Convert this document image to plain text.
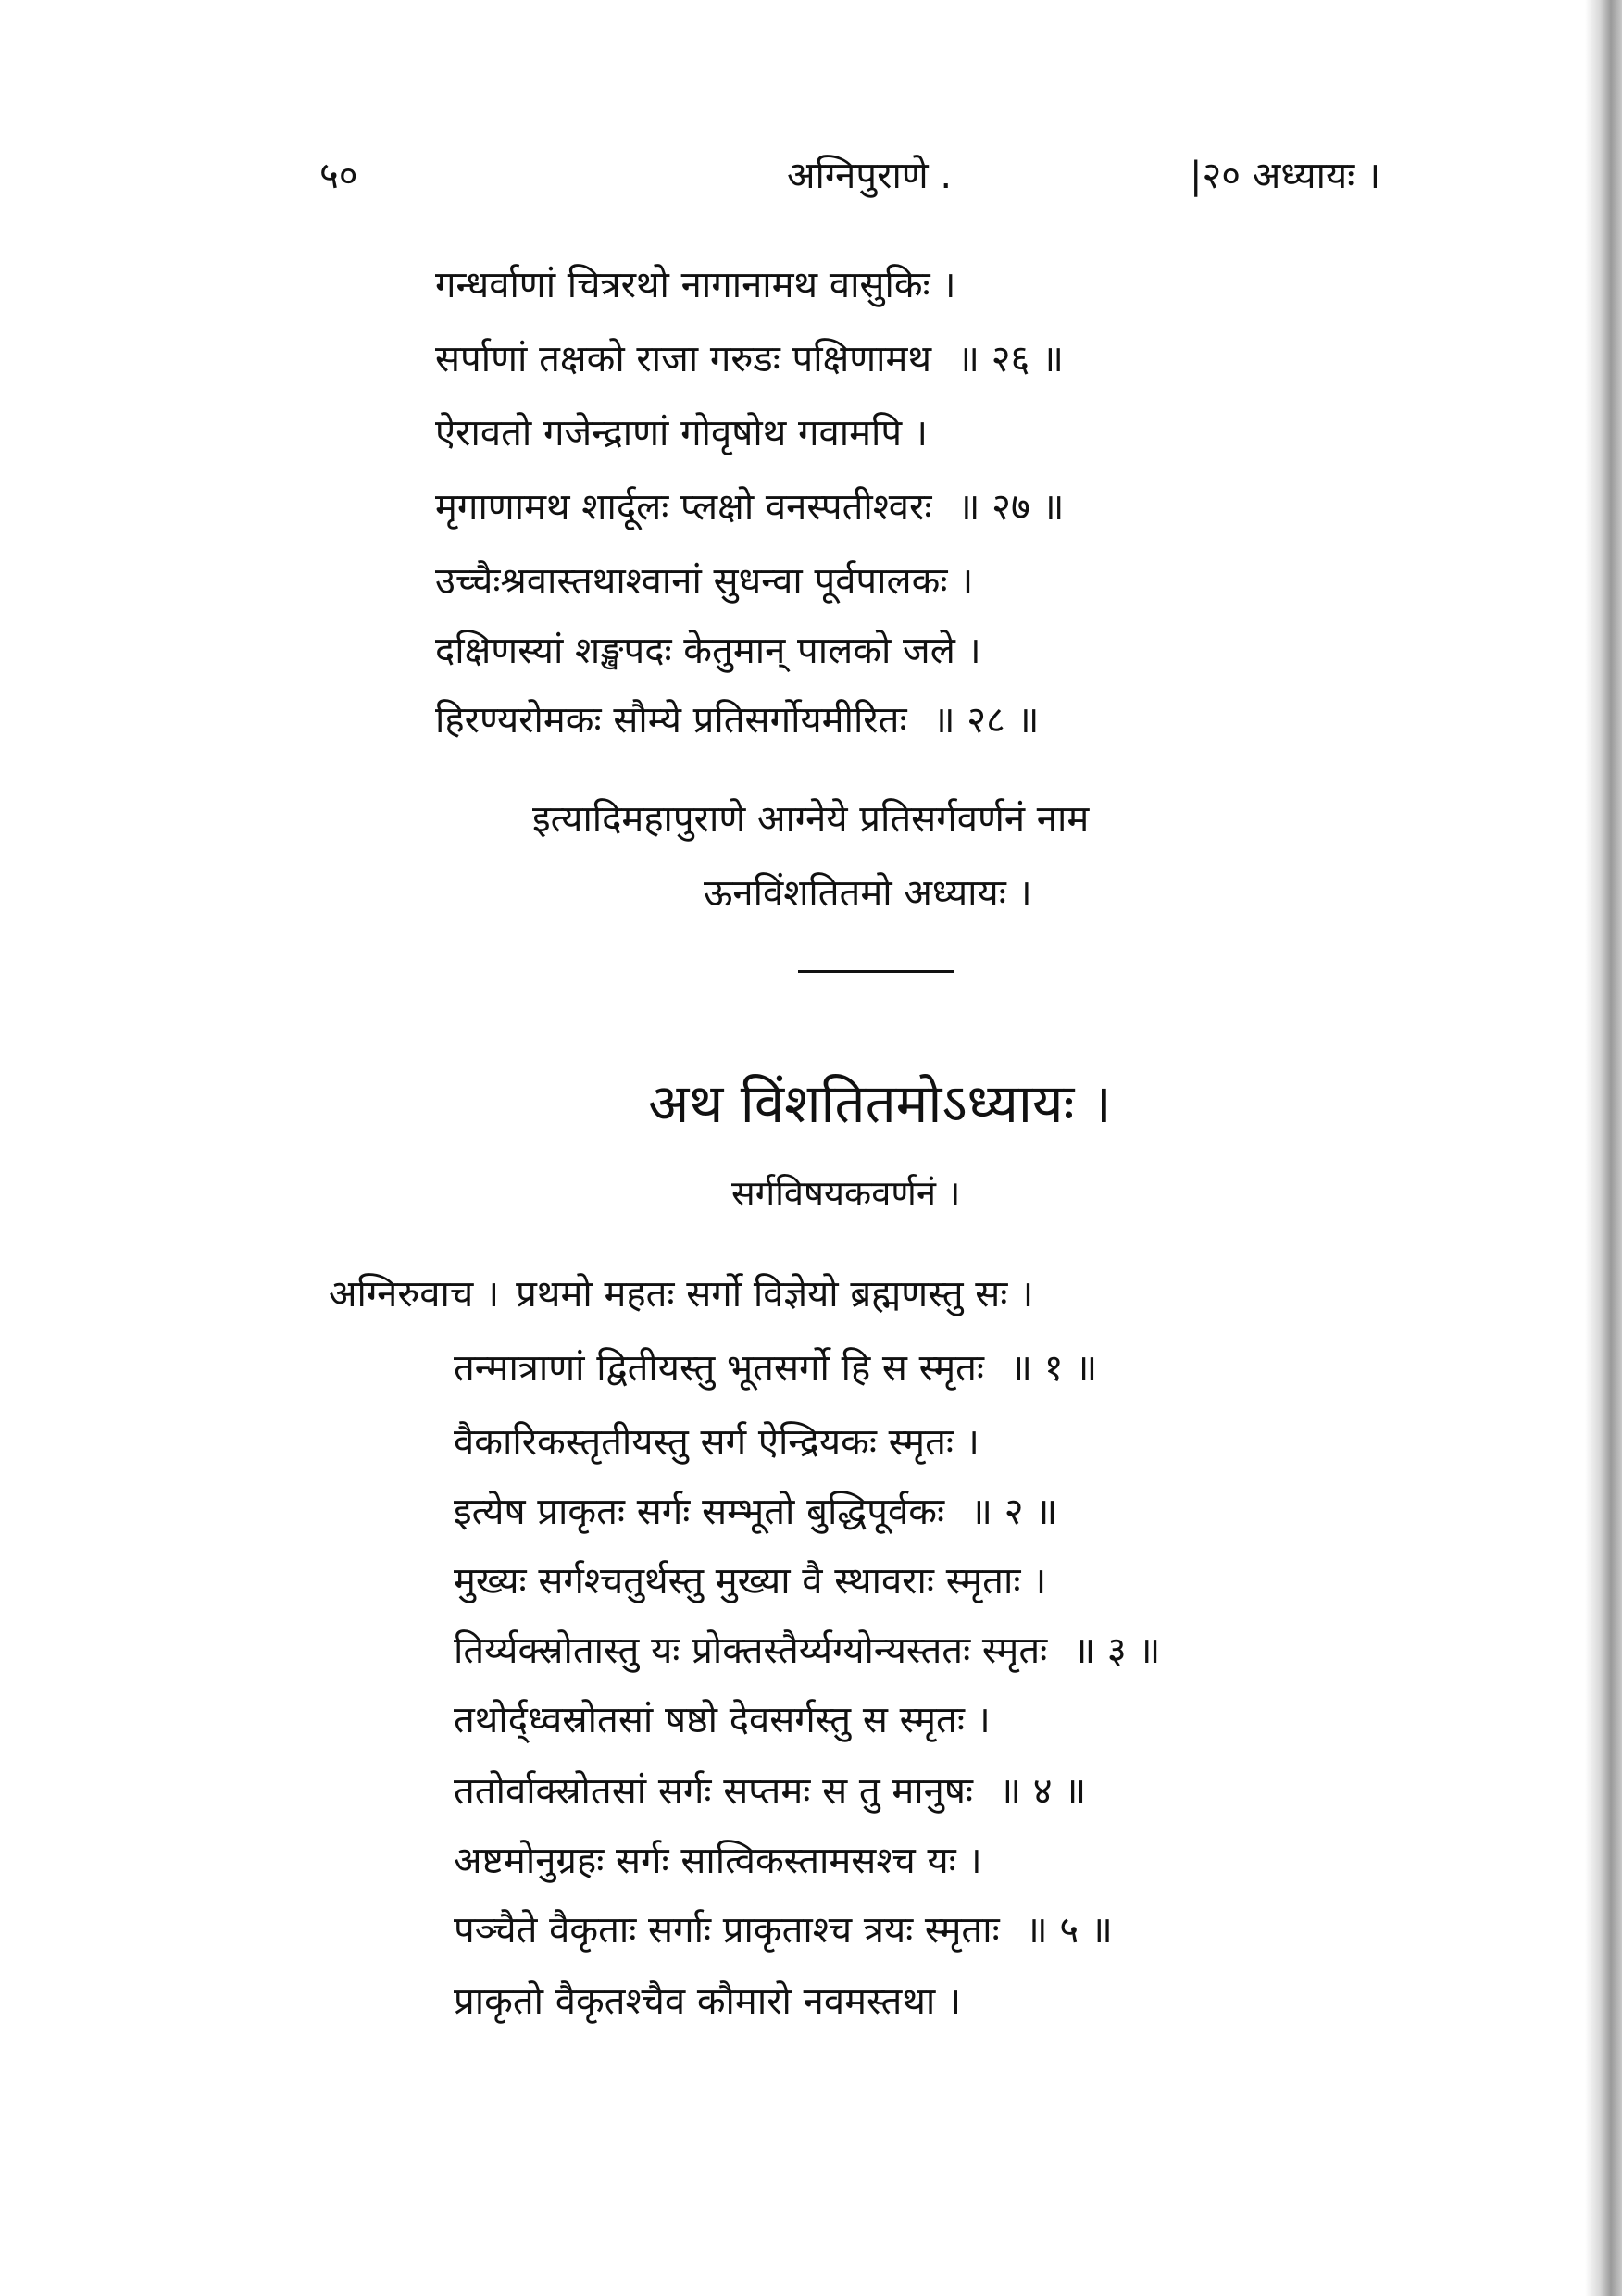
५०	अग्निपुराणे .	|२० अध्यायः ।
गन्धर्वाणां चित्ररथो नागानामथ वासुकिः ।
सर्पाणां तक्षको राजा गरुडः पक्षिणामथ ॥ २६ ॥
ऐरावतो गजेन्द्राणां गोवृषोथ गवामपि ।
मृगाणामथ शार्दूलः प्लक्षो वनस्पतीश्वरः ॥ २७ ॥
उच्चैःश्रवास्तथाश्वानां सुधन्वा पूर्वपालकः ।
दक्षिणस्यां शङ्खपदः केतुमान् पालको जले ।
हिरण्यरोमकः सौम्ये प्रतिसर्गोयमीरितः ॥ २८ ॥
इत्यादिमहापुराणे आग्नेये प्रतिसर्गवर्णनं नाम
ऊनविंशतितमो अध्यायः ।
अथ विंशतितमोऽध्यायः ।
सर्गविषयकवर्णनं ।
अग्निरुवाच । प्रथमो महतः सर्गो विज्ञेयो ब्रह्मणस्तु सः ।
तन्मात्राणां द्वितीयस्तु भूतसर्गो हि स स्मृतः ॥ १ ॥
वैकारिकस्तृतीयस्तु सर्ग ऐन्द्रियकः स्मृतः ।
इत्येष प्राकृतः सर्गः सम्भूतो बुद्धिपूर्वकः ॥ २ ॥
मुख्यः सर्गश्चतुर्थस्तु मुख्या वै स्थावराः स्मृताः ।
तिर्य्यक्स्रोतास्तु यः प्रोक्तस्तैर्य्यग्योन्यस्ततः स्मृतः ॥ ३ ॥
तथोर्द्ध्वस्रोतसां षष्ठो देवसर्गस्तु स स्मृतः ।
ततोर्वाक्स्रोतसां सर्गः सप्तमः स तु मानुषः ॥ ४ ॥
अष्टमोनुग्रहः सर्गः सात्विकस्तामसश्च यः ।
पञ्चैते वैकृताः सर्गाः प्राकृताश्च त्रयः स्मृताः ॥ ५ ॥
प्राकृतो वैकृतश्चैव कौमारो नवमस्तथा ।
